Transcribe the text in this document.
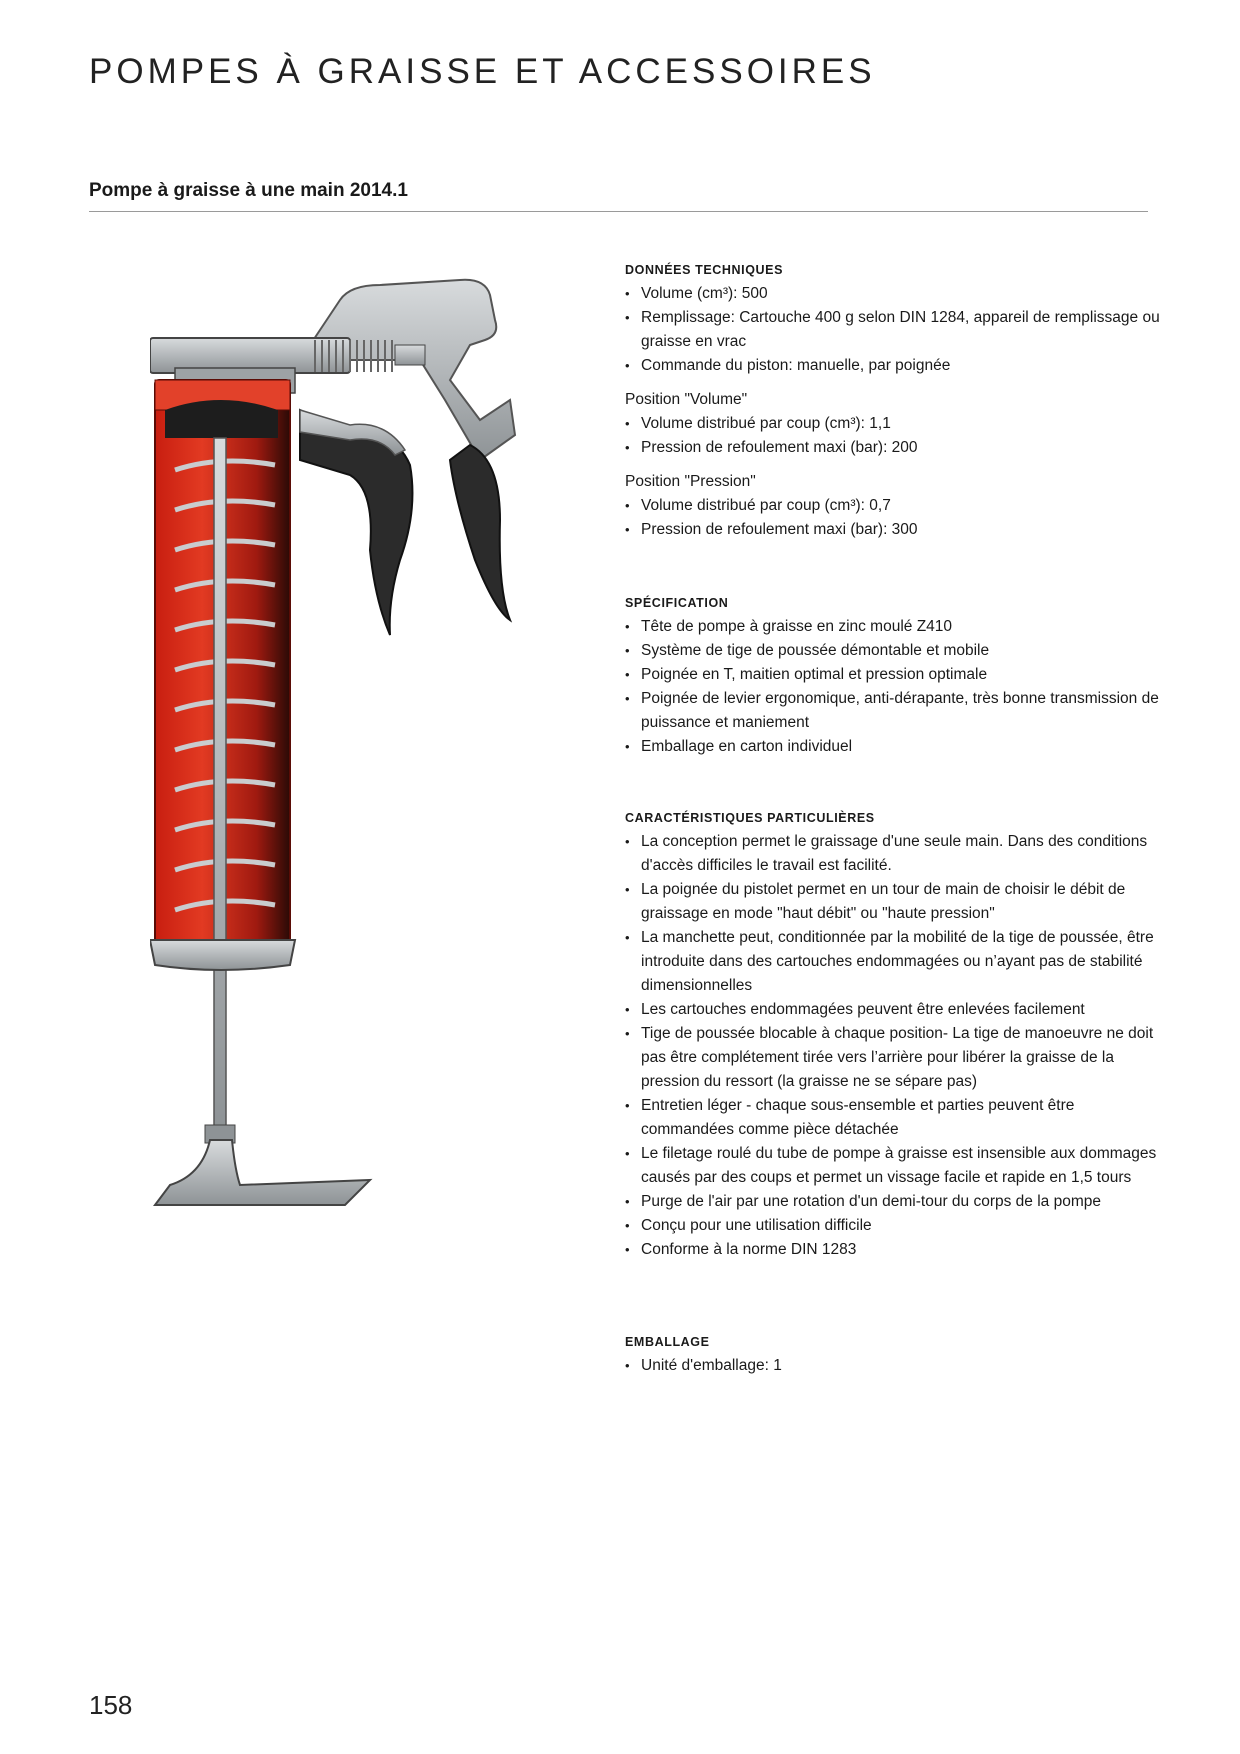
POMPES À GRAISSE ET ACCESSOIRES
Pompe à graisse à une main 2014.1
DONNÉES TECHNIQUES
• Volume (cm³): 500
• Remplissage: Cartouche 400 g selon DIN 1284, appareil de remplissage ou graisse en vrac
• Commande du piston: manuelle, par poignée
Position "Volume"
• Volume distribué par coup (cm³): 1,1
• Pression de refoulement maxi (bar): 200
Position "Pression"
• Volume distribué par coup (cm³): 0,7
• Pression de refoulement maxi (bar): 300
SPÉCIFICATION
• Tête de pompe à graisse en zinc moulé Z410
• Système de tige de poussée démontable et mobile
• Poignée en T, maitien optimal et pression optimale
• Poignée de levier ergonomique, anti-dérapante, très bonne transmission de puissance et maniement
• Emballage en carton individuel
CARACTÉRISTIQUES PARTICULIÈRES
• La conception permet le graissage d'une seule main. Dans des conditions d'accès difficiles le travail est facilité.
• La poignée du pistolet permet en un tour de main de choisir le débit de graissage en mode "haut débit" ou "haute pression"
• La manchette peut, conditionnée par la mobilité de la tige de poussée, être introduite dans des cartouches endommagées ou n’ayant pas de stabilité dimensionnelles
• Les cartouches endommagées peuvent être enlevées facilement
• Tige de poussée blocable à chaque position- La tige de manoeuvre ne doit pas être complétement tirée vers l’arrière pour libérer la graisse de la pression du ressort (la graisse ne se sépare pas)
• Entretien léger - chaque sous-ensemble et parties peuvent être commandées comme pièce détachée
• Le filetage roulé du tube de pompe à graisse est insensible aux dommages causés par des coups et permet un vissage facile et rapide en 1,5 tours
• Purge de l'air par une rotation d'un demi-tour du corps de la pompe
• Conçu pour une utilisation difficile
• Conforme à la norme DIN 1283
EMBALLAGE
• Unité d'emballage: 1
158
